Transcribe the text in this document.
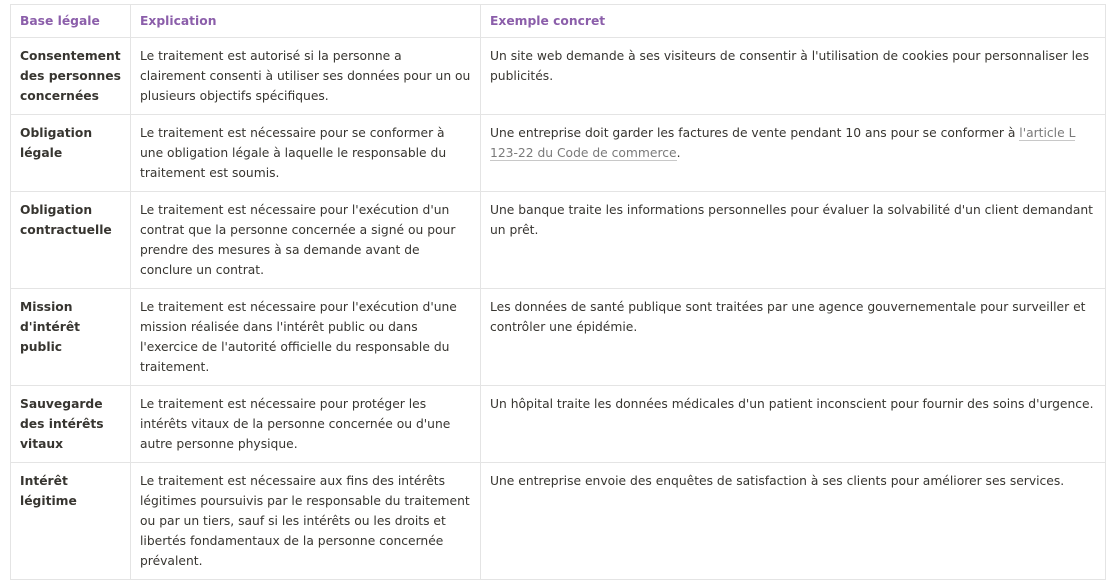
Base légale	Explication	Exemple concret
Consentement des personnes concernées	Le traitement est autorisé si la personne a clairement consenti à utiliser ses données pour un ou plusieurs objectifs spécifiques.	Un site web demande à ses visiteurs de consentir à l'utilisation de cookies pour personnaliser les publicités.
Obligation légale	Le traitement est nécessaire pour se conformer à une obligation légale à laquelle le responsable du traitement est soumis.	Une entreprise doit garder les factures de vente pendant 10 ans pour se conformer à l'article L 123-22 du Code de commerce.
Obligation contractuelle	Le traitement est nécessaire pour l'exécution d'un contrat que la personne concernée a signé ou pour prendre des mesures à sa demande avant de conclure un contrat.	Une banque traite les informations personnelles pour évaluer la solvabilité d'un client demandant un prêt.
Mission d'intérêt public	Le traitement est nécessaire pour l'exécution d'une mission réalisée dans l'intérêt public ou dans l'exercice de l'autorité officielle du responsable du traitement.	Les données de santé publique sont traitées par une agence gouvernementale pour surveiller et contrôler une épidémie.
Sauvegarde des intérêts vitaux	Le traitement est nécessaire pour protéger les intérêts vitaux de la personne concernée ou d'une autre personne physique.	Un hôpital traite les données médicales d'un patient inconscient pour fournir des soins d'urgence.
Intérêt légitime	Le traitement est nécessaire aux fins des intérêts légitimes poursuivis par le responsable du traitement ou par un tiers, sauf si les intérêts ou les droits et libertés fondamentaux de la personne concernée prévalent.	Une entreprise envoie des enquêtes de satisfaction à ses clients pour améliorer ses services.
